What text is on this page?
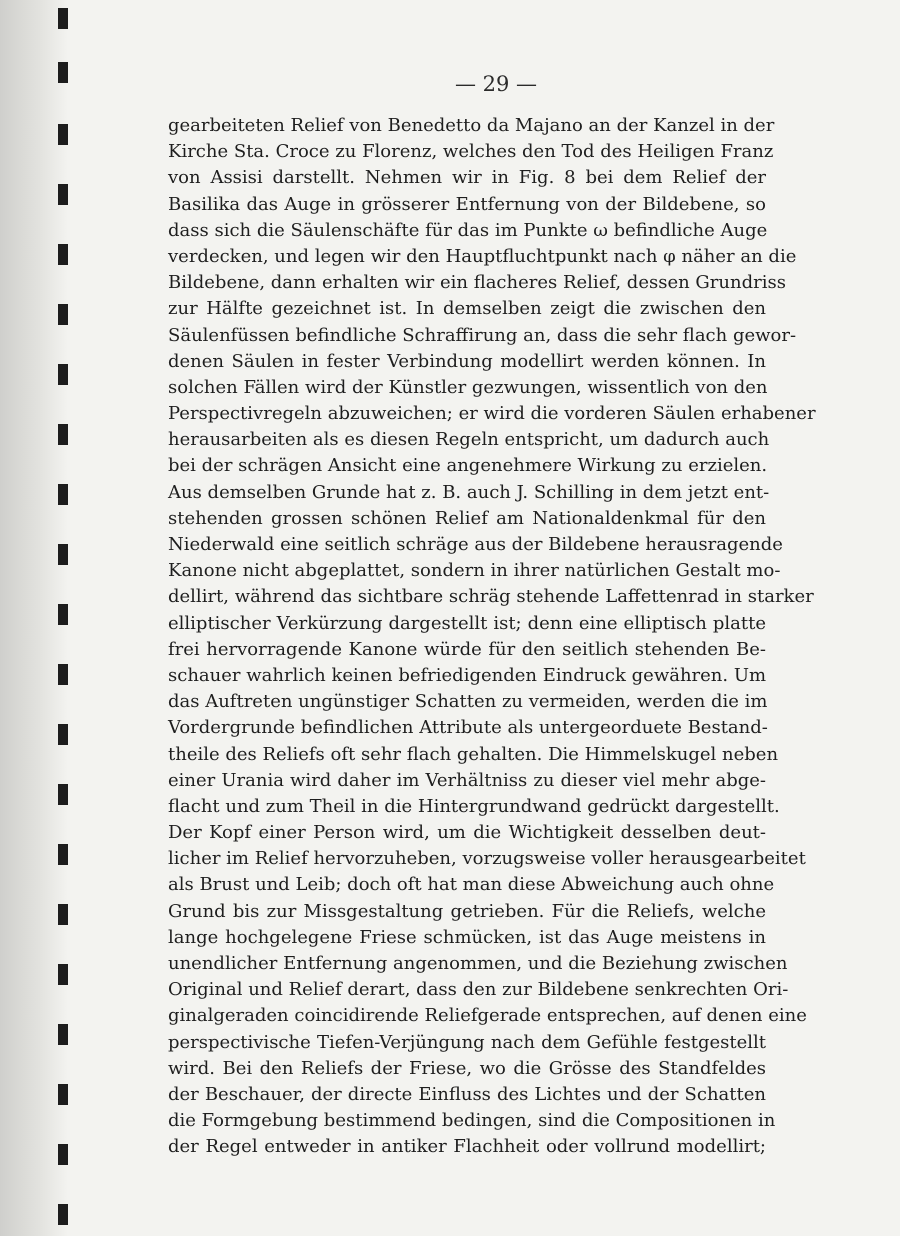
— 29 —
gearbeiteten Relief von Benedetto da Majano an der Kanzel in der
Kirche Sta. Croce zu Florenz, welches den Tod des Heiligen Franz
von Assisi darstellt. Nehmen wir in Fig. 8 bei dem Relief der
Basilika das Auge in grösserer Entfernung von der Bildebene, so
dass sich die Säulenschäfte für das im Punkte ω befindliche Auge
verdecken, und legen wir den Hauptfluchtpunkt nach φ näher an die
Bildebene, dann erhalten wir ein flacheres Relief, dessen Grundriss
zur Hälfte gezeichnet ist. In demselben zeigt die zwischen den
Säulenfüssen befindliche Schraffirung an, dass die sehr flach gewor-
denen Säulen in fester Verbindung modellirt werden können. In
solchen Fällen wird der Künstler gezwungen, wissentlich von den
Perspectivregeln abzuweichen; er wird die vorderen Säulen erhabener
herausarbeiten als es diesen Regeln entspricht, um dadurch auch
bei der schrägen Ansicht eine angenehmere Wirkung zu erzielen.
Aus demselben Grunde hat z. B. auch J. Schilling in dem jetzt ent-
stehenden grossen schönen Relief am Nationaldenkmal für den
Niederwald eine seitlich schräge aus der Bildebene herausragende
Kanone nicht abgeplattet, sondern in ihrer natürlichen Gestalt mo-
dellirt, während das sichtbare schräg stehende Laffettenrad in starker
elliptischer Verkürzung dargestellt ist; denn eine elliptisch platte
frei hervorragende Kanone würde für den seitlich stehenden Be-
schauer wahrlich keinen befriedigenden Eindruck gewähren. Um
das Auftreten ungünstiger Schatten zu vermeiden, werden die im
Vordergrunde befindlichen Attribute als untergeorduete Bestand-
theile des Reliefs oft sehr flach gehalten. Die Himmelskugel neben
einer Urania wird daher im Verhältniss zu dieser viel mehr abge-
flacht und zum Theil in die Hintergrundwand gedrückt dargestellt.
Der Kopf einer Person wird, um die Wichtigkeit desselben deut-
licher im Relief hervorzuheben, vorzugsweise voller herausgearbeitet
als Brust und Leib; doch oft hat man diese Abweichung auch ohne
Grund bis zur Missgestaltung getrieben. Für die Reliefs, welche
lange hochgelegene Friese schmücken, ist das Auge meistens in
unendlicher Entfernung angenommen, und die Beziehung zwischen
Original und Relief derart, dass den zur Bildebene senkrechten Ori-
ginalgeraden coincidirende Reliefgerade entsprechen, auf denen eine
perspectivische Tiefen-Verjüngung nach dem Gefühle festgestellt
wird. Bei den Reliefs der Friese, wo die Grösse des Standfeldes
der Beschauer, der directe Einfluss des Lichtes und der Schatten
die Formgebung bestimmend bedingen, sind die Compositionen in
der Regel entweder in antiker Flachheit oder vollrund modellirt;
